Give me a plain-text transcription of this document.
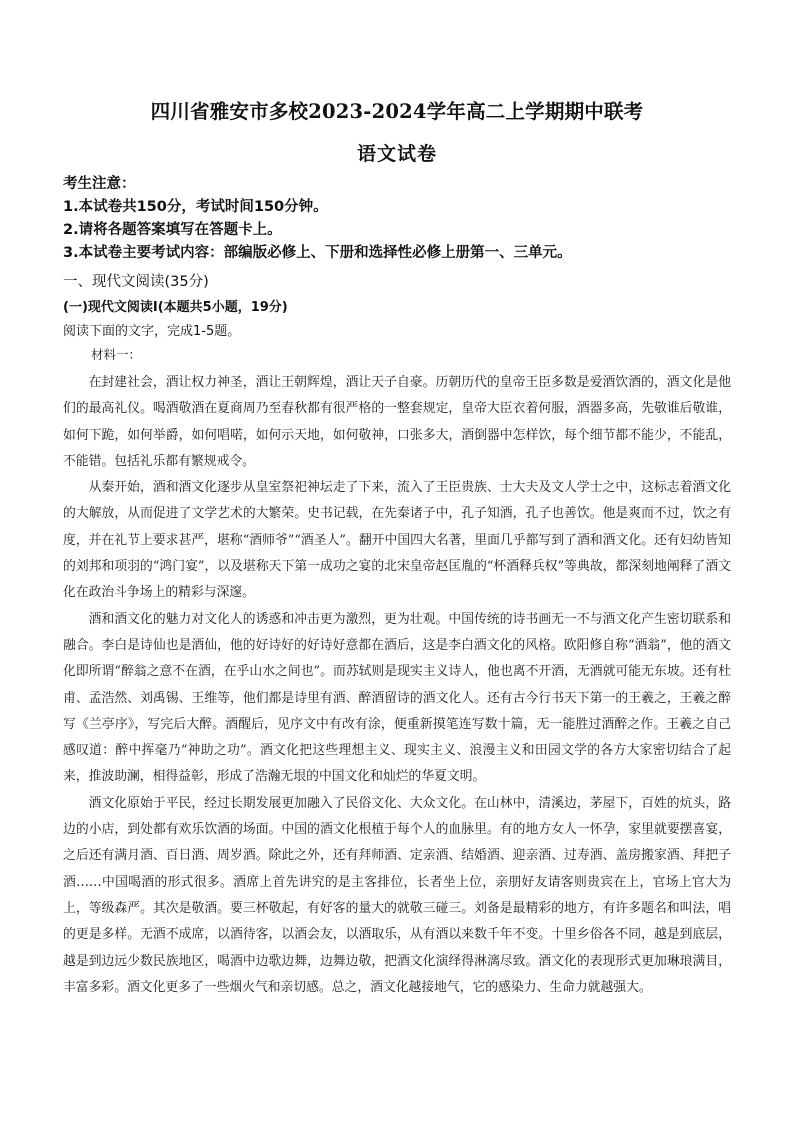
四川省雅安市多校2023-2024学年高二上学期期中联考
语文试卷
考生注意：
1.本试卷共150分，考试时间150分钟。
2.请将各题答案填写在答题卡上。
3.本试卷主要考试内容：部编版必修上、下册和选择性必修上册第一、三单元。
一、现代文阅读(35分)
(一)现代文阅读Ⅰ(本题共5小题，19分)
阅读下面的文字，完成1-5题。
材料一：

在封建社会，酒让权力神圣，酒让王朝辉煌，酒让天子自豪。历朝历代的皇帝王臣多数是爱酒饮酒的，酒文化是他们的最高礼仪。喝酒敬酒在夏商周乃至春秋都有很严格的一整套规定，皇帝大臣衣着何服，酒器多高，先敬谁后敬谁，如何下跪，如何举爵，如何唱喏，如何示天地，如何敬神，口张多大，酒倒器中怎样饮，每个细节都不能少，不能乱，不能错。包括礼乐都有繁规戒令。

从秦开始，酒和酒文化逐步从皇室祭祀神坛走了下来，流入了王臣贵族、士大夫及文人学士之中，这标志着酒文化的大解放，从而促进了文学艺术的大繁荣。史书记载，在先秦诸子中，孔子知酒，孔子也善饮。他是爽而不过，饮之有度，并在礼节上要求甚严，堪称“酒师爷”“酒圣人”。翻开中国四大名著，里面几乎都写到了酒和酒文化。还有妇幼皆知的刘邦和项羽的“鸿门宴”，以及堪称天下第一成功之宴的北宋皇帝赵匡胤的“杯酒释兵权”等典故，都深刻地阐释了酒文化在政治斗争场上的精彩与深邃。

酒和酒文化的魅力对文化人的诱惑和冲击更为激烈，更为壮观。中国传统的诗书画无一不与酒文化产生密切联系和融合。李白是诗仙也是酒仙，他的好诗好的好诗好意都在酒后，这是李白酒文化的风格。欧阳修自称“酒翁”，他的酒文化即所谓“醉翁之意不在酒，在乎山水之间也”。而苏轼则是现实主义诗人，他也离不开酒，无酒就可能无东坡。还有杜甫、孟浩然、刘禹锡、王维等，他们都是诗里有酒、醉酒留诗的酒文化人。还有古今行书天下第一的王羲之，王羲之醉写《兰亭序》，写完后大醉。酒醒后，见序文中有改有涂，便重新摸笔连写数十篇，无一能胜过酒醉之作。王羲之自己感叹道：醉中挥毫乃“神助之功”。酒文化把这些理想主义、现实主义、浪漫主义和田园文学的各方大家密切结合了起来，推波助澜，相得益彰，形成了浩瀚无垠的中国文化和灿烂的华夏文明。

酒文化原始于平民，经过长期发展更加融入了民俗文化、大众文化。在山林中，清溪边，茅屋下，百姓的炕头，路边的小店，到处都有欢乐饮酒的场面。中国的酒文化根植于每个人的血脉里。有的地方女人一怀孕，家里就要摆喜宴，之后还有满月酒、百日酒、周岁酒。除此之外，还有拜师酒、定亲酒、结婚酒、迎亲酒、过寿酒、盖房搬家酒、拜把子酒……中国喝酒的形式很多。酒席上首先讲究的是主客排位，长者坐上位，亲朋好友请客则贵宾在上，官场上官大为上，等级森严。其次是敬酒。要三杯敬起，有好客的量大的就敬三碰三。刘备是最精彩的地方，有许多题名和叫法，唱的更是多样。无酒不成席，以酒待客，以酒会友，以酒取乐，从有酒以来数千年不变。十里乡俗各不同，越是到底层，越是到边远少数民族地区，喝酒中边歌边舞，边舞边敬，把酒文化演绎得淋漓尽致。酒文化的表现形式更加琳琅满目，丰富多彩。酒文化更多了一些烟火气和亲切感。总之，酒文化越接地气，它的感染力、生命力就越强大。
